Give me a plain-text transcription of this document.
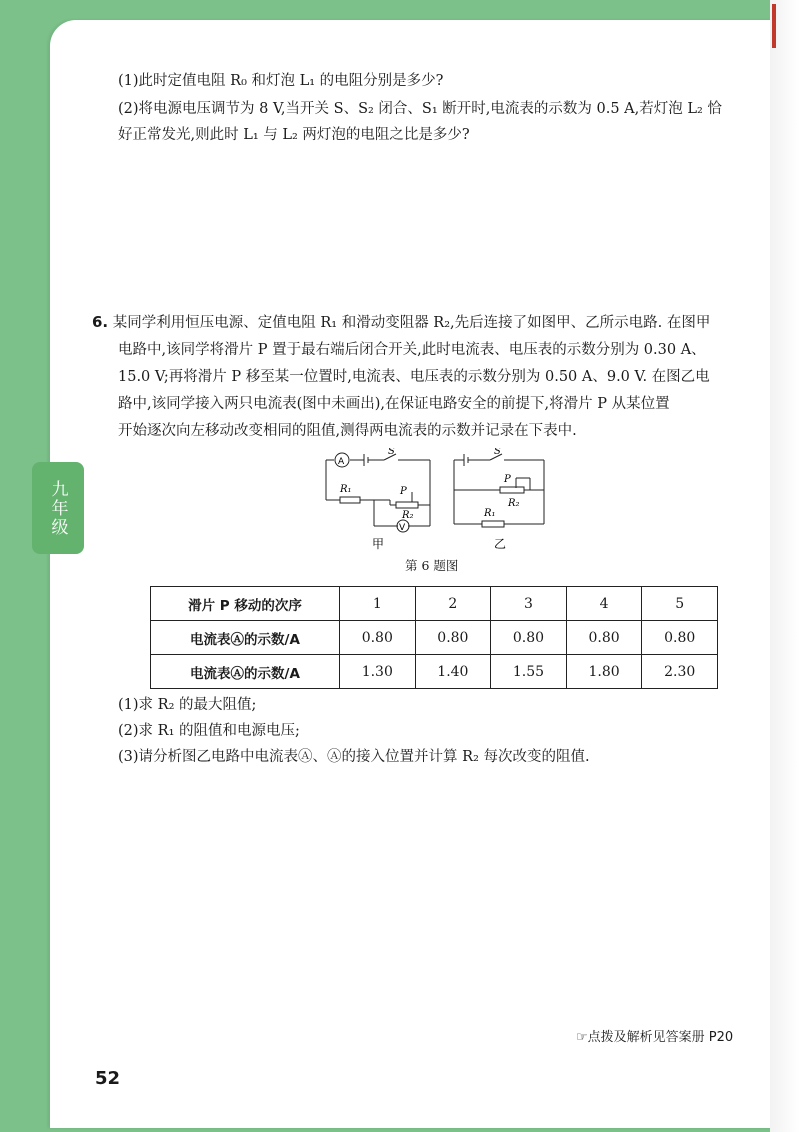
九年级
(1)此时定值电阻 R₀ 和灯泡 L₁ 的电阻分别是多少?
(2)将电源电压调节为 8 V,当开关 S、S₂ 闭合、S₁ 断开时,电流表的示数为 0.5 A,若灯泡 L₂ 恰
好正常发光,则此时 L₁ 与 L₂ 两灯泡的电阻之比是多少?
6. 某同学利用恒压电源、定值电阻 R₁ 和滑动变阻器 R₂,先后连接了如图甲、乙所示电路. 在图甲
电路中,该同学将滑片 P 置于最右端后闭合开关,此时电流表、电压表的示数分别为 0.30 A、
15.0 V;再将滑片 P 移至某一位置时,电流表、电压表的示数分别为 0.50 A、9.0 V. 在图乙电
路中,该同学接入两只电流表(图中未画出),在保证电路安全的前提下,将滑片 P 从某位置
开始逐次向左移动改变相同的阻值,测得两电流表的示数并记录在下表中.
A
V
S
R₁	P
R₂
S
P
R₂
R₁
甲	乙
第 6 题图
滑片 P 移动的次序	1	2	3	4	5
电流表Ⓐ的示数/A	0.80	0.80	0.80	0.80	0.80
电流表Ⓐ的示数/A	1.30	1.40	1.55	1.80	2.30
(1)求 R₂ 的最大阻值;
(2)求 R₁ 的阻值和电源电压;
(3)请分析图乙电路中电流表Ⓐ、Ⓐ的接入位置并计算 R₂ 每次改变的阻值.
☞点拨及解析见答案册 P20
52
